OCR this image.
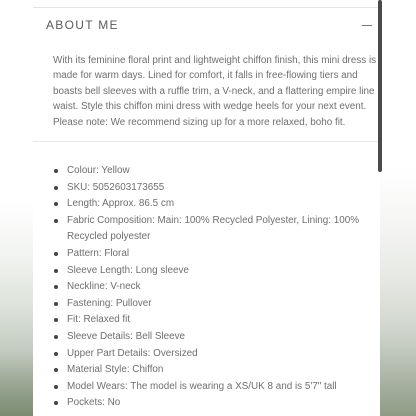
ABOUT ME

With its feminine floral print and lightweight chiffon finish, this mini dress is made for warm days. Lined for comfort, it falls in free-flowing tiers and boasts bell sleeves with a ruffle trim, a V-neck, and a flattering empire line waist. Style this chiffon mini dress with wedge heels for your next event. Please note: We recommend sizing up for a more relaxed, boho fit.

Colour: Yellow
SKU: 5052603173655
Length: Approx. 86.5 cm
Fabric Composition: Main: 100% Recycled Polyester, Lining: 100% Recycled polyester
Pattern: Floral
Sleeve Length: Long sleeve
Neckline: V-neck
Fastening: Pullover
Fit: Relaxed fit
Sleeve Details: Bell Sleeve
Upper Part Details: Oversized
Material Style: Chiffon
Model Wears: The model is wearing a XS/UK 8 and is 5'7" tall
Pockets: No
